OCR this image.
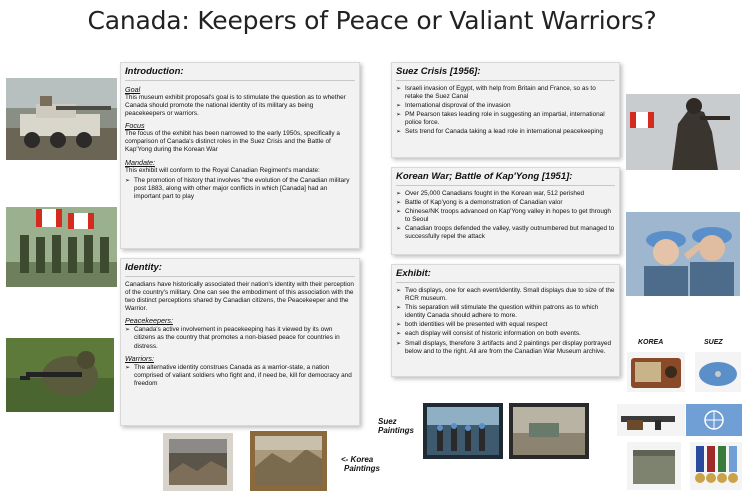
Canada: Keepers of Peace or Valiant Warriors?
Introduction:
Goal

This museum exhibit proposal's goal is to stimulate the question as to whether Canada should promote the national identity of its military as being peacekeepers or warriors.

Focus

The focus of the exhibit has been narrowed to the early 1950s, specifically a comparison of Canada's distinct roles in the Suez Crisis and the Battle of Kap'Yong during the Korean War

Mandate:

This exhibit will conform to the Royal Canadian Regiment's mandate:

➢ The promotion of history that involves "the evolution of the Canadian military post 1883, along with other major conflicts in which [Canada] had an important part to play
Identity:

Canadians have historically associated their nation's identity with their perception of the country's military. One can see the embodiment of this association with the two distinct perceptions shared by Canadian citizens, the Peacekeeper and the Warrior.

Peacekeepers:
➢ Canada's active involvement in peacekeeping has it viewed by its own citizens as the country that promotes a non-biased peace for countries in distress.
Warriors:
➢ The alternative identity construes Canada as a warrior-state, a nation comprised of valiant soldiers who fight and, if need be, kill for democracy and freedom
<- Korea
Paintings
Suez Crisis [1956]:
➢ Israeli invasion of Egypt, with help from Britain and France, so as to retake the Suez Canal
➢ International disproval of the invasion
➢ PM Pearson takes leading role in suggesting an impartial, international police force.
➢ Sets trend for Canada taking a lead role in international peacekeeping
Korean War; Battle of Kap'Yong [1951]:
➢ Over 25,000 Canadians fought in the Korean war, 512 perished
➢ Battle of Kap'yong is a demonstration of Canadian valor
➢ Chinese/NK troops advanced on Kap'Yong valley in hopes to get through to Seoul
➢ Canadian troops defended the valley, vastly outnumbered but managed to successfully repel the attack
Exhibit:
➢ Two displays, one for each event/identity. Small displays due to size of the RCR museum.
➢ This separation will stimulate the question within patrons as to which identity Canada should adhere to more.
➢ both identities will be presented with equal respect
➢ each display will consist of historic information on both events.
➢ Small displays, therefore 3 artifacts and 2 paintings per display portrayed below and to the right. All are from the Canadian War Museum archive.
Suez Paintings
KOREA	SUEZ
